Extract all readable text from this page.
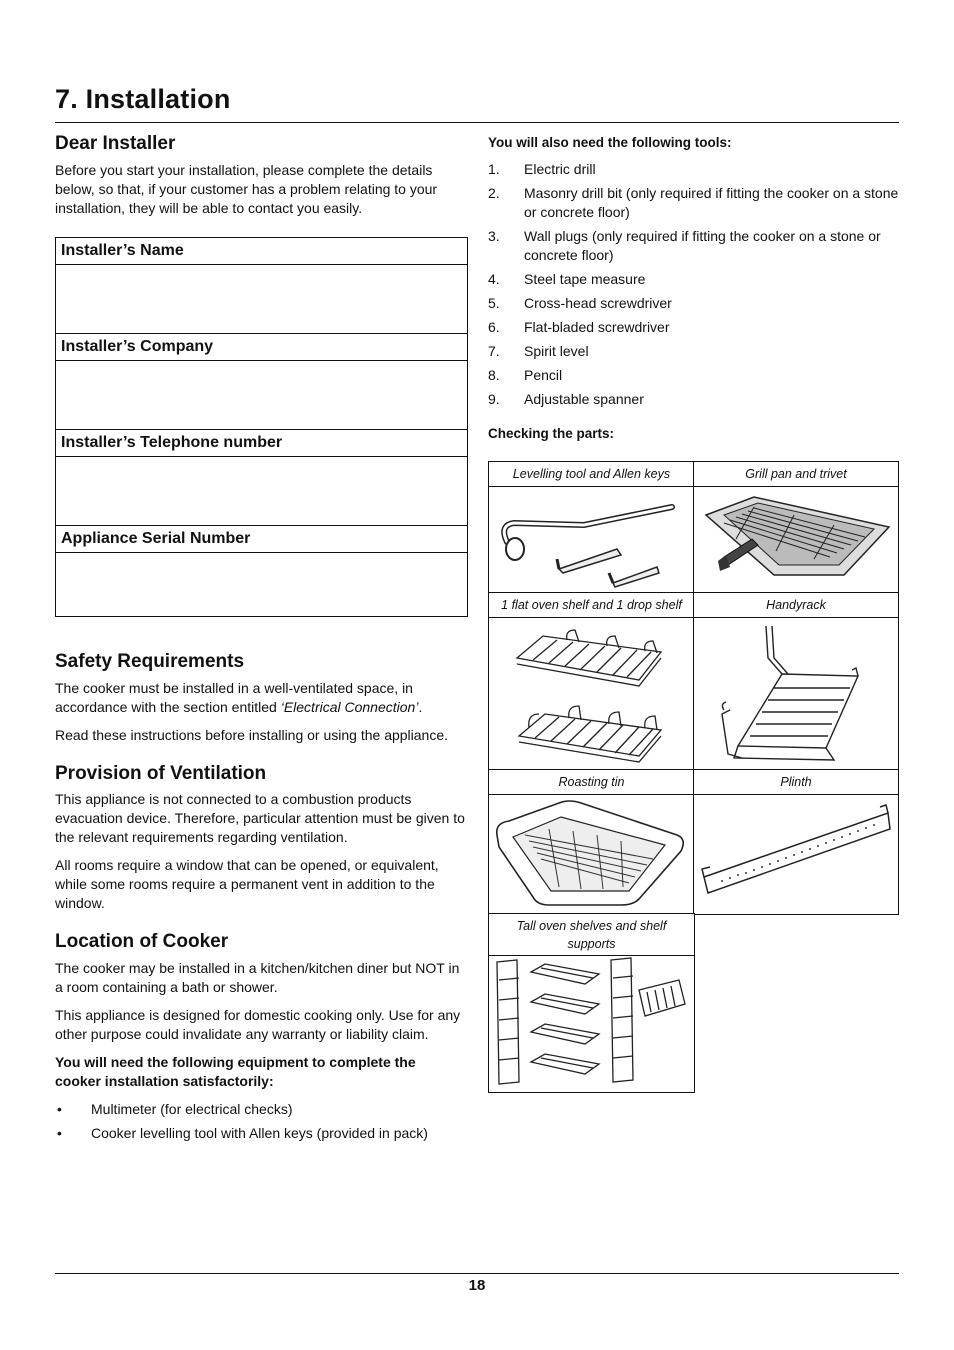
7. Installation
Dear Installer

Before you start your installation, please complete the details below, so that, if your customer has a problem relating to your installation, they will be able to contact you easily.

Installer’s Name
Installer’s Company
Installer’s Telephone number
Appliance Serial Number
Safety Requirements

The cooker must be installed in a well-ventilated space, in accordance with the section entitled ‘Electrical Connection’.

Read these instructions before installing or using the appliance.

Provision of Ventilation

This appliance is not connected to a combustion products evacuation device. Therefore, particular attention must be given to the relevant requirements regarding ventilation.

All rooms require a window that can be opened, or equivalent, while some rooms require a permanent vent in addition to the window.

Location of Cooker

The cooker may be installed in a kitchen/kitchen diner but NOT in a room containing a bath or shower.

This appliance is designed for domestic cooking only. Use for any other purpose could invalidate any warranty or liability claim.

You will need the following equipment to complete the cooker installation satisfactorily:

• Multimeter (for electrical checks)
• Cooker levelling tool with Allen keys (provided in pack)
You will also need the following tools:
1. Electric drill
2. Masonry drill bit (only required if fitting the cooker on a stone or concrete floor)
3. Wall plugs (only required if fitting the cooker on a stone or concrete floor)
4. Steel tape measure
5. Cross-head screwdriver
6. Flat-bladed screwdriver
7. Spirit level
8. Pencil
9. Adjustable spanner
Checking the parts:
Levelling tool and Allen keys	Grill pan and trivet
1 flat oven shelf and 1 drop shelf	Handyrack
Roasting tin	Plinth
Tall oven shelves and shelf supports
18
